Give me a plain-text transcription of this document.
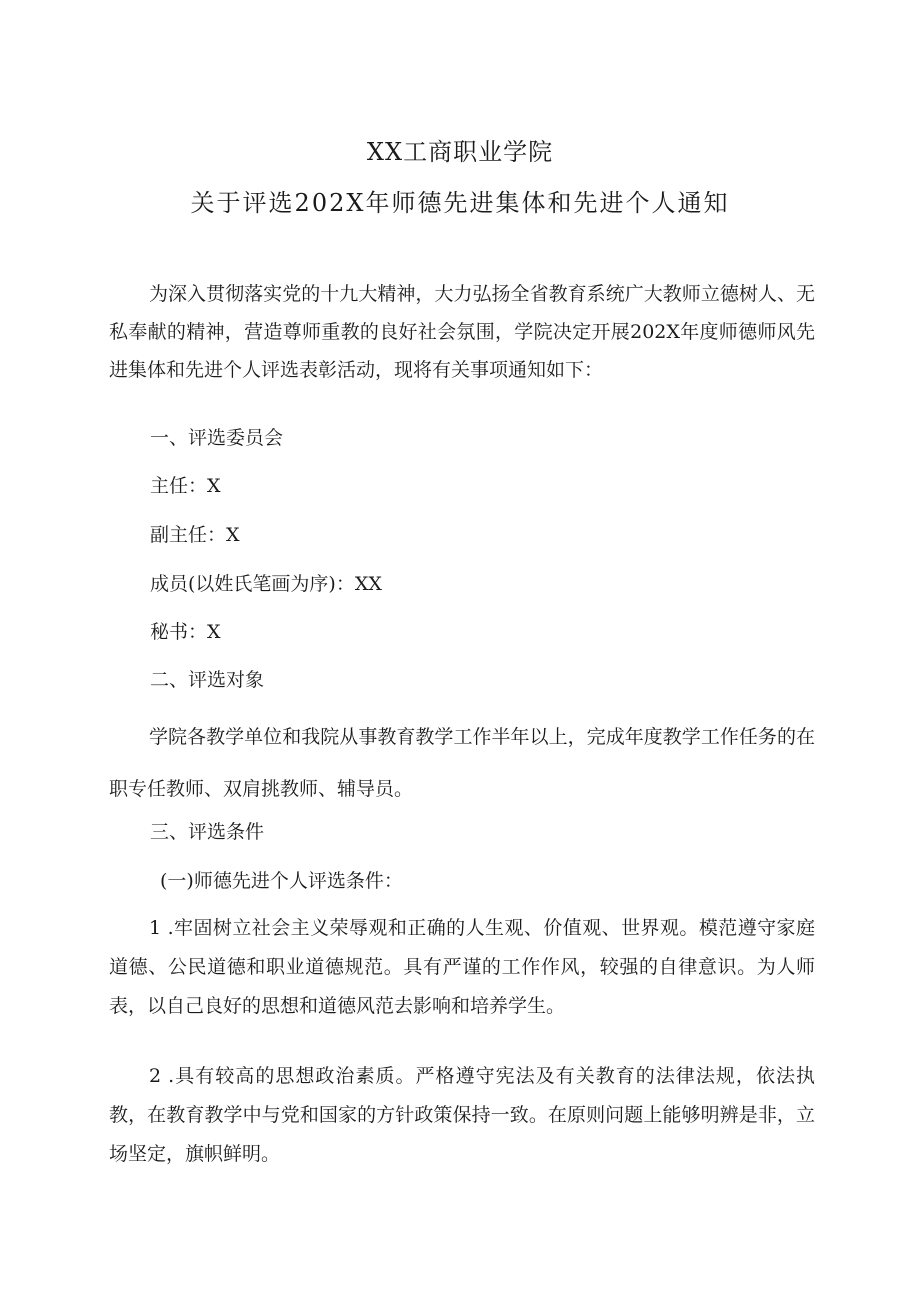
XX工商职业学院
关于评选202X年师德先进集体和先进个人通知

为深入贯彻落实党的十九大精神，大力弘扬全省教育系统广大教师立德树人、无私奉献的精神，营造尊师重教的良好社会氛围，学院决定开展202X年度师德师风先进集体和先进个人评选表彰活动，现将有关事项通知如下：

一、评选委员会
主任：X
副主任：X
成员(以姓氏笔画为序)：XX
秘书：X
二、评选对象

学院各教学单位和我院从事教育教学工作半年以上，完成年度教学工作任务的在职专任教师、双肩挑教师、辅导员。

三、评选条件
(一)师德先进个人评选条件：

1 .牢固树立社会主义荣辱观和正确的人生观、价值观、世界观。模范遵守家庭道德、公民道德和职业道德规范。具有严谨的工作作风，较强的自律意识。为人师表，以自己良好的思想和道德风范去影响和培养学生。

2 .具有较高的思想政治素质。严格遵守宪法及有关教育的法律法规，依法执教，在教育教学中与党和国家的方针政策保持一致。在原则问题上能够明辨是非，立场坚定，旗帜鲜明。
